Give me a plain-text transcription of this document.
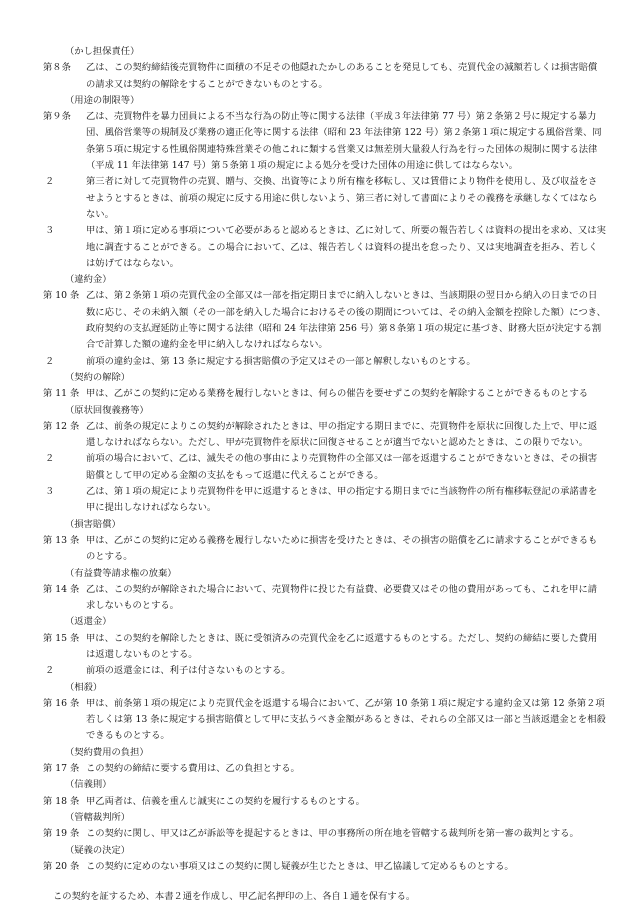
（かし担保責任）
第８条 乙は、この契約締結後売買物件に面積の不足その他隠れたかしのあることを発見しても、売買代金の減額若しくは損害賠償の請求又は契約の解除をすることができないものとする。
（用途の制限等）
第９条 乙は、売買物件を暴力団員による不当な行為の防止等に関する法律（平成３年法律第 77 号）第２条第２号に規定する暴力団、風俗営業等の規制及び業務の適正化等に関する法律（昭和 23 年法律第 122 号）第２条第１項に規定する風俗営業、同条第５項に規定する性風俗関連特殊営業その他これに類する営業又は無差別大量殺人行為を行った団体の規制に関する法律（平成 11 年法律第 147 号）第５条第１項の規定による処分を受けた団体の用途に供してはならない。
２	第三者に対して売買物件の売買、贈与、交換、出資等により所有権を移転し、又は賃借により物件を使用し、及び収益をさせようとするときは、前項の規定に反する用途に供しないよう、第三者に対して書面によりその義務を承継しなくてはならない。
３	甲は、第１項に定める事項について必要があると認めるときは、乙に対して、所要の報告若しくは資料の提出を求め、又は実地に調査することができる。この場合において、乙は、報告若しくは資料の提出を怠ったり、又は実地調査を拒み、若しくは妨げてはならない。
（違約金）
第 10 条 乙は、第２条第１項の売買代金の全部又は一部を指定期日までに納入しないときは、当該期限の翌日から納入の日までの日数に応じ、その未納入額（その一部を納入した場合におけるその後の期間については、その納入金額を控除した額）につき、政府契約の支払遅延防止等に関する法律（昭和 24 年法律第 256 号）第８条第１項の規定に基づき、財務大臣が決定する割合で計算した額の違約金を甲に納入しなければならない。
２	前項の違約金は、第 13 条に規定する損害賠償の予定又はその一部と解釈しないものとする。
（契約の解除）
第 11 条 甲は、乙がこの契約に定める業務を履行しないときは、何らの催告を要せずこの契約を解除することができるものとする
（原状回復義務等）
第 12 条 乙は、前条の規定によりこの契約が解除されたときは、甲の指定する期日までに、売買物件を原状に回復した上で、甲に返還しなければならない。ただし、甲が売買物件を原状に回復させることが適当でないと認めたときは、この限りでない。
２	前項の場合において、乙は、滅失その他の事由により売買物件の全部又は一部を返還することができないときは、その損害賠償として甲の定める金額の支払をもって返還に代えることができる。
３	乙は、第１項の規定により売買物件を甲に返還するときは、甲の指定する期日までに当該物件の所有権移転登記の承諾書を甲に提出しなければならない。
（損害賠償）
第 13 条 甲は、乙がこの契約に定める義務を履行しないために損害を受けたときは、その損害の賠償を乙に請求することができるものとする。
（有益費等請求権の放棄）
第 14 条 乙は、この契約が解除された場合において、売買物件に投じた有益費、必要費又はその他の費用があっても、これを甲に請求しないものとする。
（返還金）
第 15 条 甲は、この契約を解除したときは、既に受領済みの売買代金を乙に返還するものとする。ただし、契約の締結に要した費用は返還しないものとする。
２	前項の返還金には、利子は付さないものとする。
（相殺）
第 16 条 甲は、前条第１項の規定により売買代金を返還する場合において、乙が第 10 条第１項に規定する違約金又は第 12 条第２項若しくは第 13 条に規定する損害賠償として甲に支払うべき金額があるときは、それらの全部又は一部と当該返還金とを相殺できるものとする。
（契約費用の負担）
第 17 条 この契約の締結に要する費用は、乙の負担とする。
（信義則）
第 18 条 甲乙両者は、信義を重んじ誠実にこの契約を履行するものとする。
（管轄裁判所）
第 19 条 この契約に関し、甲又は乙が訴訟等を提起するときは、甲の事務所の所在地を管轄する裁判所を第一審の裁判とする。
（疑義の決定）
第 20 条 この契約に定めのない事項又はこの契約に関し疑義が生じたときは、甲乙協議して定めるものとする。
この契約を証するため、本書２通を作成し、甲乙記名押印の上、各自１通を保有する。
